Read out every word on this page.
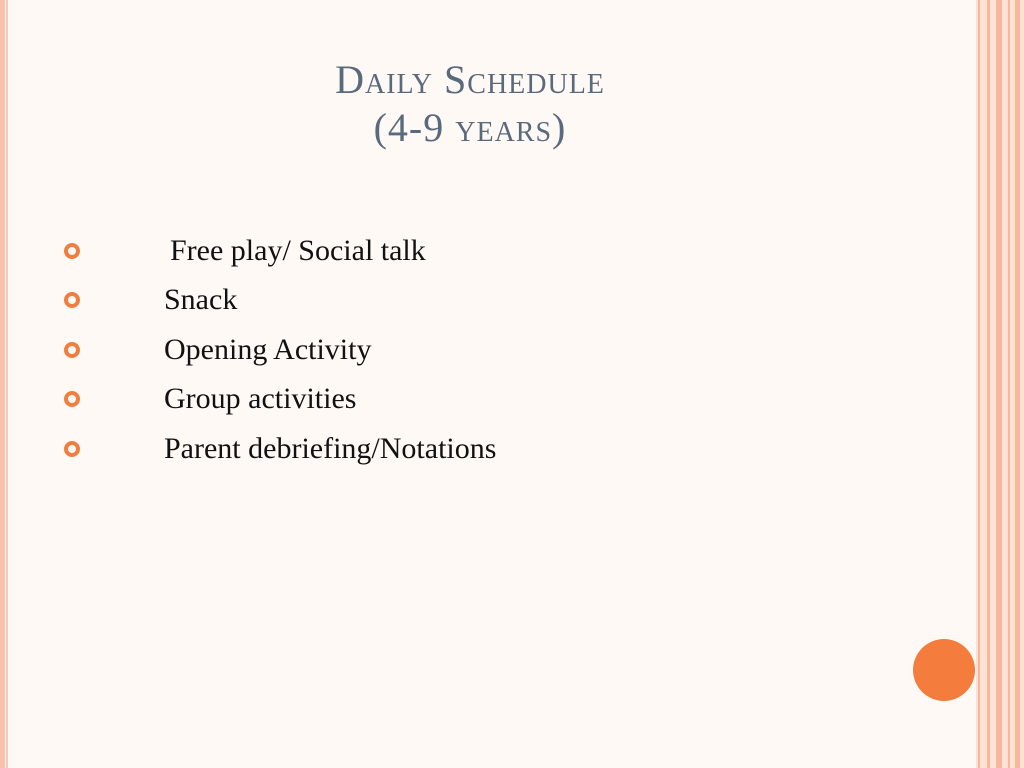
Daily Schedule
(4-9 years)
Free play/ Social talk
Snack
Opening Activity
Group activities
Parent debriefing/Notations
